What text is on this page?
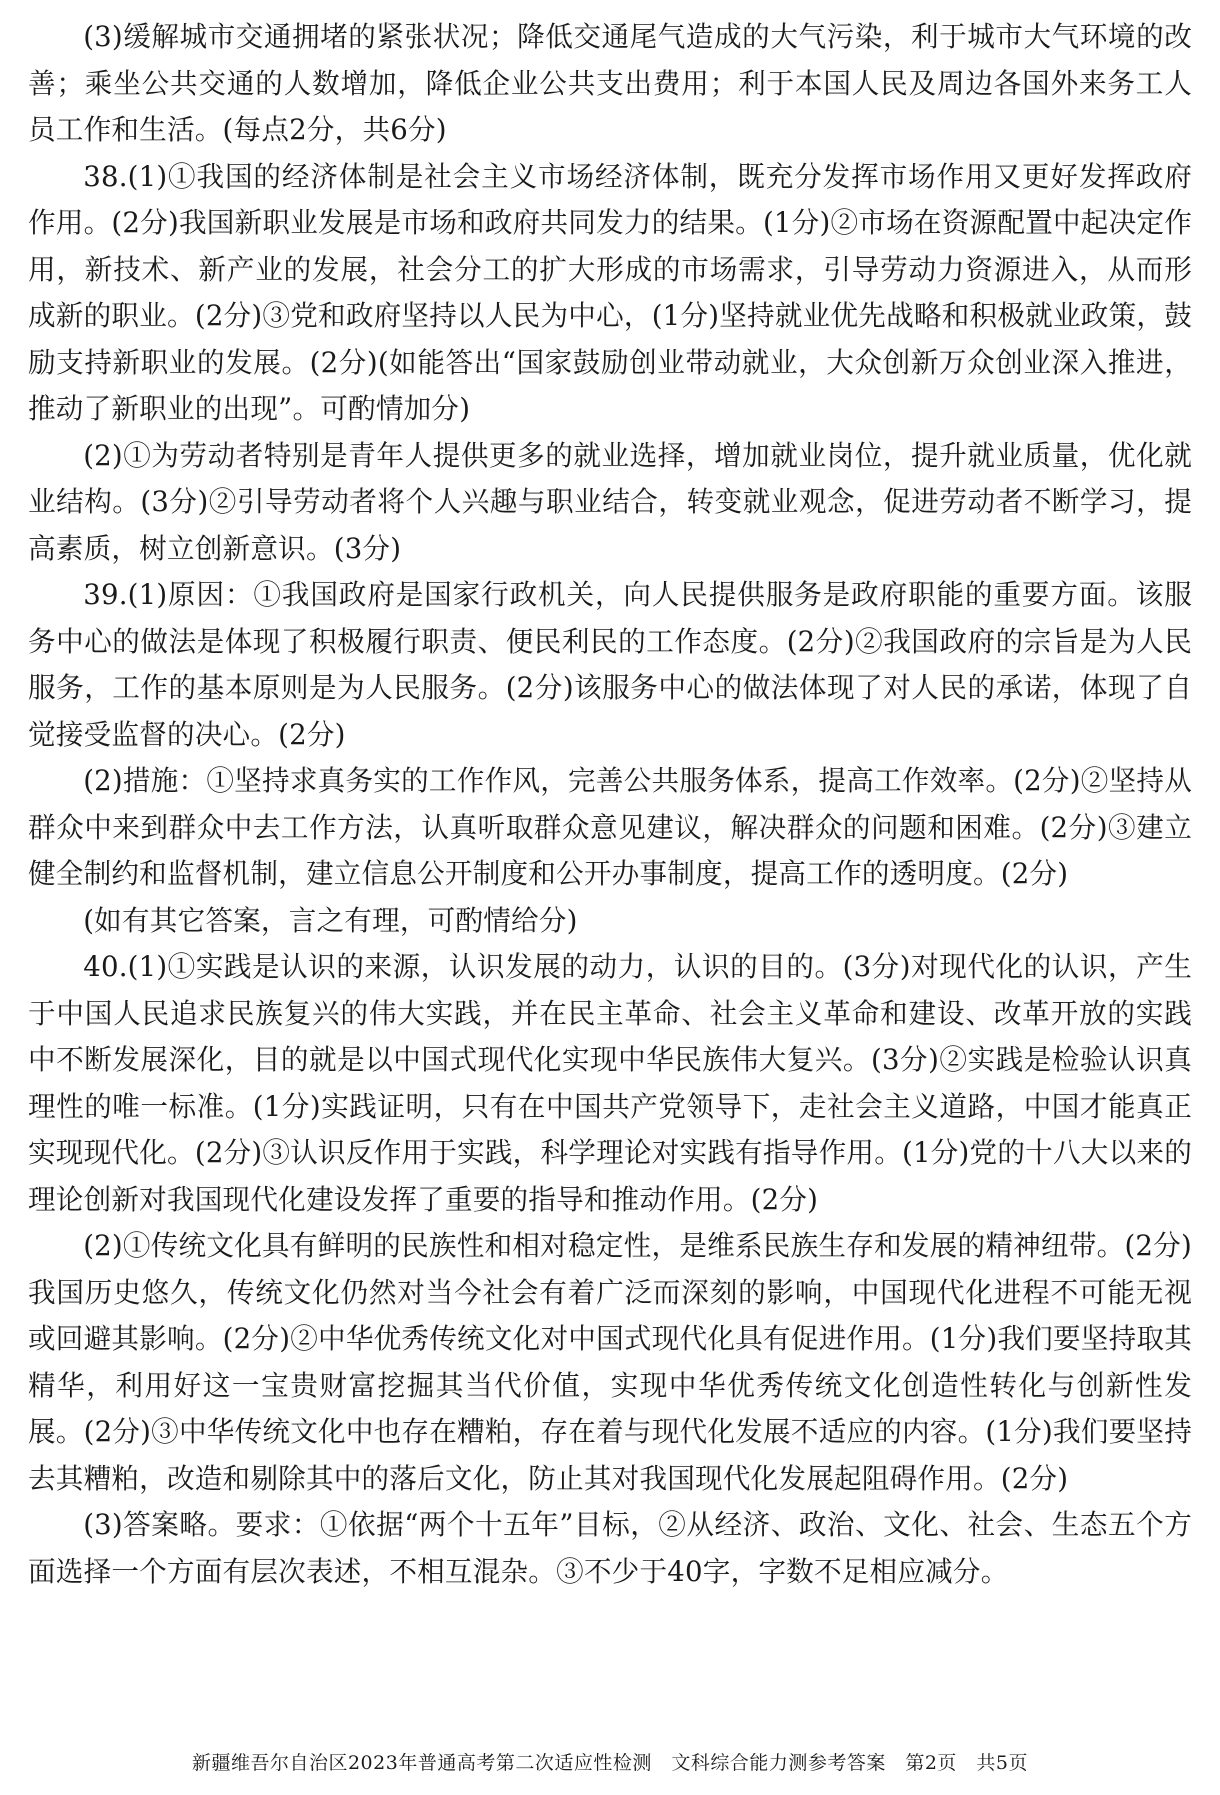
(3)缓解城市交通拥堵的紧张状况；降低交通尾气造成的大气污染，利于城市大气环境的改善；乘坐公共交通的人数增加，降低企业公共支出费用；利于本国人民及周边各国外来务工人员工作和生活。(每点2分，共6分)

38.(1)①我国的经济体制是社会主义市场经济体制，既充分发挥市场作用又更好发挥政府作用。(2分)我国新职业发展是市场和政府共同发力的结果。(1分)②市场在资源配置中起决定作用，新技术、新产业的发展，社会分工的扩大形成的市场需求，引导劳动力资源进入，从而形成新的职业。(2分)③党和政府坚持以人民为中心，(1分)坚持就业优先战略和积极就业政策，鼓励支持新职业的发展。(2分)(如能答出“国家鼓励创业带动就业，大众创新万众创业深入推进，推动了新职业的出现”。可酌情加分)

(2)①为劳动者特别是青年人提供更多的就业选择，增加就业岗位，提升就业质量，优化就业结构。(3分)②引导劳动者将个人兴趣与职业结合，转变就业观念，促进劳动者不断学习，提高素质，树立创新意识。(3分)

39.(1)原因：①我国政府是国家行政机关，向人民提供服务是政府职能的重要方面。该服务中心的做法是体现了积极履行职责、便民利民的工作态度。(2分)②我国政府的宗旨是为人民服务，工作的基本原则是为人民服务。(2分)该服务中心的做法体现了对人民的承诺，体现了自觉接受监督的决心。(2分)

(2)措施：①坚持求真务实的工作作风，完善公共服务体系，提高工作效率。(2分)②坚持从群众中来到群众中去工作方法，认真听取群众意见建议，解决群众的问题和困难。(2分)③建立健全制约和监督机制，建立信息公开制度和公开办事制度，提高工作的透明度。(2分)

(如有其它答案，言之有理，可酌情给分)

40.(1)①实践是认识的来源，认识发展的动力，认识的目的。(3分)对现代化的认识，产生于中国人民追求民族复兴的伟大实践，并在民主革命、社会主义革命和建设、改革开放的实践中不断发展深化，目的就是以中国式现代化实现中华民族伟大复兴。(3分)②实践是检验认识真理性的唯一标准。(1分)实践证明，只有在中国共产党领导下，走社会主义道路，中国才能真正实现现代化。(2分)③认识反作用于实践，科学理论对实践有指导作用。(1分)党的十八大以来的理论创新对我国现代化建设发挥了重要的指导和推动作用。(2分)

(2)①传统文化具有鲜明的民族性和相对稳定性，是维系民族生存和发展的精神纽带。(2分)我国历史悠久，传统文化仍然对当今社会有着广泛而深刻的影响，中国现代化进程不可能无视或回避其影响。(2分)②中华优秀传统文化对中国式现代化具有促进作用。(1分)我们要坚持取其精华，利用好这一宝贵财富挖掘其当代价值，实现中华优秀传统文化创造性转化与创新性发展。(2分)③中华传统文化中也存在糟粕，存在着与现代化发展不适应的内容。(1分)我们要坚持去其糟粕，改造和剔除其中的落后文化，防止其对我国现代化发展起阻碍作用。(2分)

(3)答案略。要求：①依据“两个十五年”目标，②从经济、政治、文化、社会、生态五个方面选择一个方面有层次表述，不相互混杂。③不少于40字，字数不足相应减分。

新疆维吾尔自治区2023年普通高考第二次适应性检测　文科综合能力测参考答案　第2页　共5页
